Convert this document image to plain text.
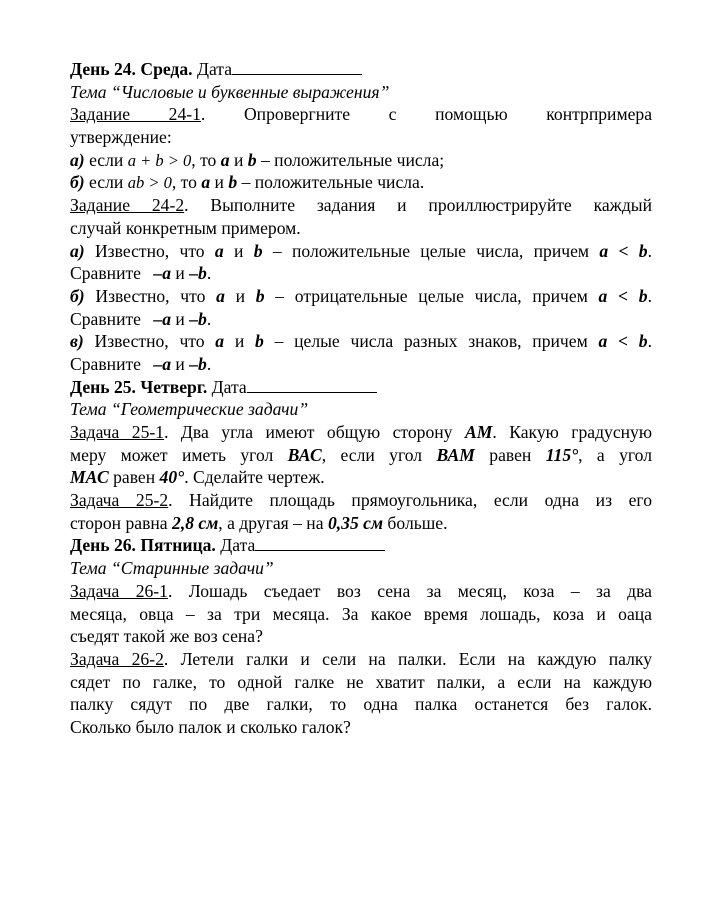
День 24. Среда. Дата
Тема “Числовые и буквенные выражения”
Задание 24-1. Опровергните с помощью контрпримера
утверждение:
а) если a + b > 0, то a и b – положительные числа;
б) если ab > 0, то a и b – положительные числа.
Задание 24-2. Выполните задания и проиллюстрируйте каждый
случай конкретным примером.
а) Известно, что a и b – положительные целые числа, причем a < b.
Сравните –a и –b.
б) Известно, что a и b – отрицательные целые числа, причем a < b.
Сравните –a и –b.
в) Известно, что a и b – целые числа разных знаков, причем a < b.
Сравните –a и –b.
День 25. Четверг. Дата
Тема “Геометрические задачи”
Задача 25-1. Два угла имеют общую сторону АМ. Какую градусную
меру может иметь угол ВАС, если угол ВАМ равен 115°, а угол
МАС равен 40°. Сделайте чертеж.
Задача 25-2. Найдите площадь прямоугольника, если одна из его
сторон равна 2,8 см, а другая – на 0,35 см больше.
День 26. Пятница. Дата
Тема “Старинные задачи”
Задача 26-1. Лошадь съедает воз сена за месяц, коза – за два
месяца, овца – за три месяца. За какое время лошадь, коза и оаца
съедят такой же воз сена?
Задача 26-2. Летели галки и сели на палки. Если на каждую палку
сядет по галке, то одной галке не хватит палки, а если на каждую
палку сядут по две галки, то одна палка останется без галок.
Сколько было палок и сколько галок?
